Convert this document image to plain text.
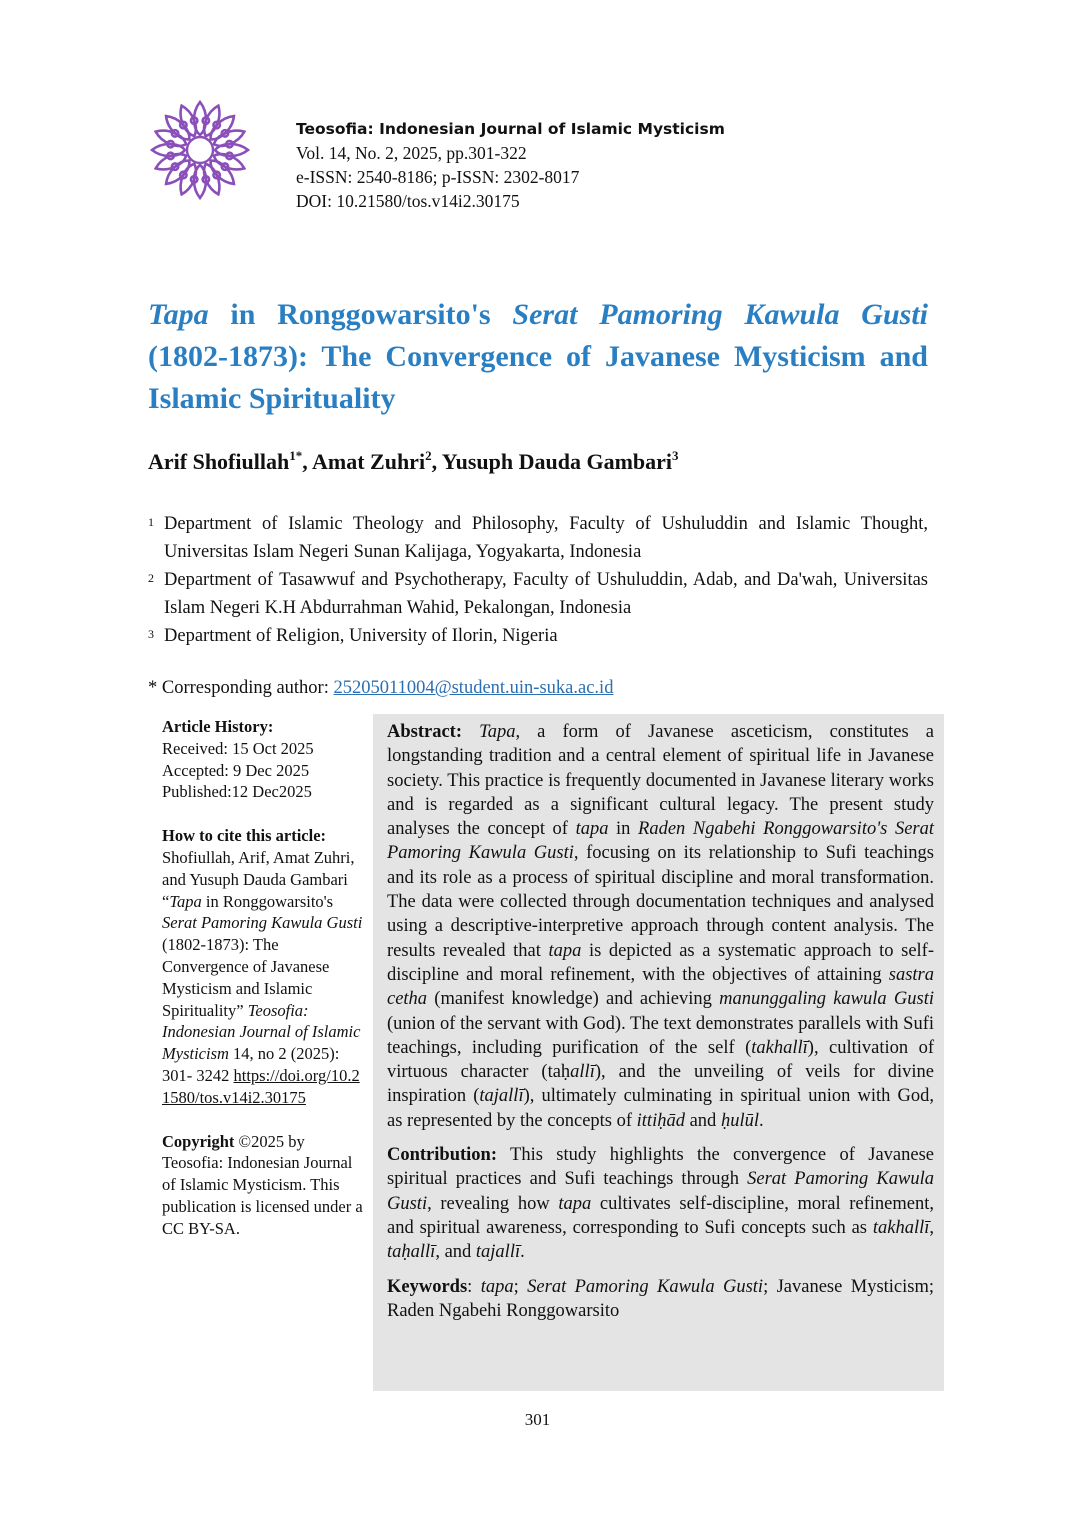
Teosofia: Indonesian Journal of Islamic Mysticism
Vol. 14, No. 2, 2025, pp.301-322
e-ISSN: 2540-8186; p-ISSN: 2302-8017
DOI: 10.21580/tos.v14i2.30175
Tapa in Ronggowarsito's Serat Pamoring Kawula Gusti (1802-1873): The Convergence of Javanese Mysticism and Islamic Spirituality
Arif Shofiullah$^{1*}$, Amat Zuhri$^2$, Yusuph Dauda Gambari$^3$
1 Department of Islamic Theology and Philosophy, Faculty of Ushuluddin and Islamic Thought, Universitas Islam Negeri Sunan Kalijaga, Yogyakarta, Indonesia
2 Department of Tasawwuf and Psychotherapy, Faculty of Ushuluddin, Adab, and Da'wah, Universitas Islam Negeri K.H Abdurrahman Wahid, Pekalongan, Indonesia
3 Department of Religion, University of Ilorin, Nigeria
* Corresponding author: 25205011004@student.uin-suka.ac.id
Article History:
Received: 15 Oct 2025
Accepted: 9 Dec 2025
Published:12 Dec2025
How to cite this article:
Shofiullah, Arif, Amat Zuhri, and Yusuph Dauda Gambari “Tapa in Ronggowarsito's Serat Pamoring Kawula Gusti (1802-1873): The Convergence of Javanese Mysticism and Islamic Spirituality” Teosofia: Indonesian Journal of Islamic Mysticism 14, no 2 (2025): 301- 3242 https://doi.org/10.21580/tos.v14i2.30175
Copyright ©2025 by Teosofia: Indonesian Journal of Islamic Mysticism. This publication is licensed under a CC BY-SA.

Abstract: Tapa, a form of Javanese asceticism, constitutes a longstanding tradition and a central element of spiritual life in Javanese society. This practice is frequently documented in Javanese literary works and is regarded as a significant cultural legacy. The present study analyses the concept of tapa in Raden Ngabehi Ronggowarsito's Serat Pamoring Kawula Gusti, focusing on its relationship to Sufi teachings and its role as a process of spiritual discipline and moral transformation. The data were collected through documentation techniques and analysed using a descriptive-interpretive approach through content analysis. The results revealed that tapa is depicted as a systematic approach to self-discipline and moral refinement, with the objectives of attaining sastra cetha (manifest knowledge) and achieving manunggaling kawula Gusti (union of the servant with God). The text demonstrates parallels with Sufi teachings, including purification of the self (takhallī), cultivation of virtuous character (taḥallī), and the unveiling of veils for divine inspiration (tajallī), ultimately culminating in spiritual union with God, as represented by the concepts of ittiḥād and ḥulūl.

Contribution: This study highlights the convergence of Javanese spiritual practices and Sufi teachings through Serat Pamoring Kawula Gusti, revealing how tapa cultivates self-discipline, moral refinement, and spiritual awareness, corresponding to Sufi concepts such as takhallī, taḥallī, and tajallī.

Keywords: tapa; Serat Pamoring Kawula Gusti; Javanese Mysticism; Raden Ngabehi Ronggowarsito

301
